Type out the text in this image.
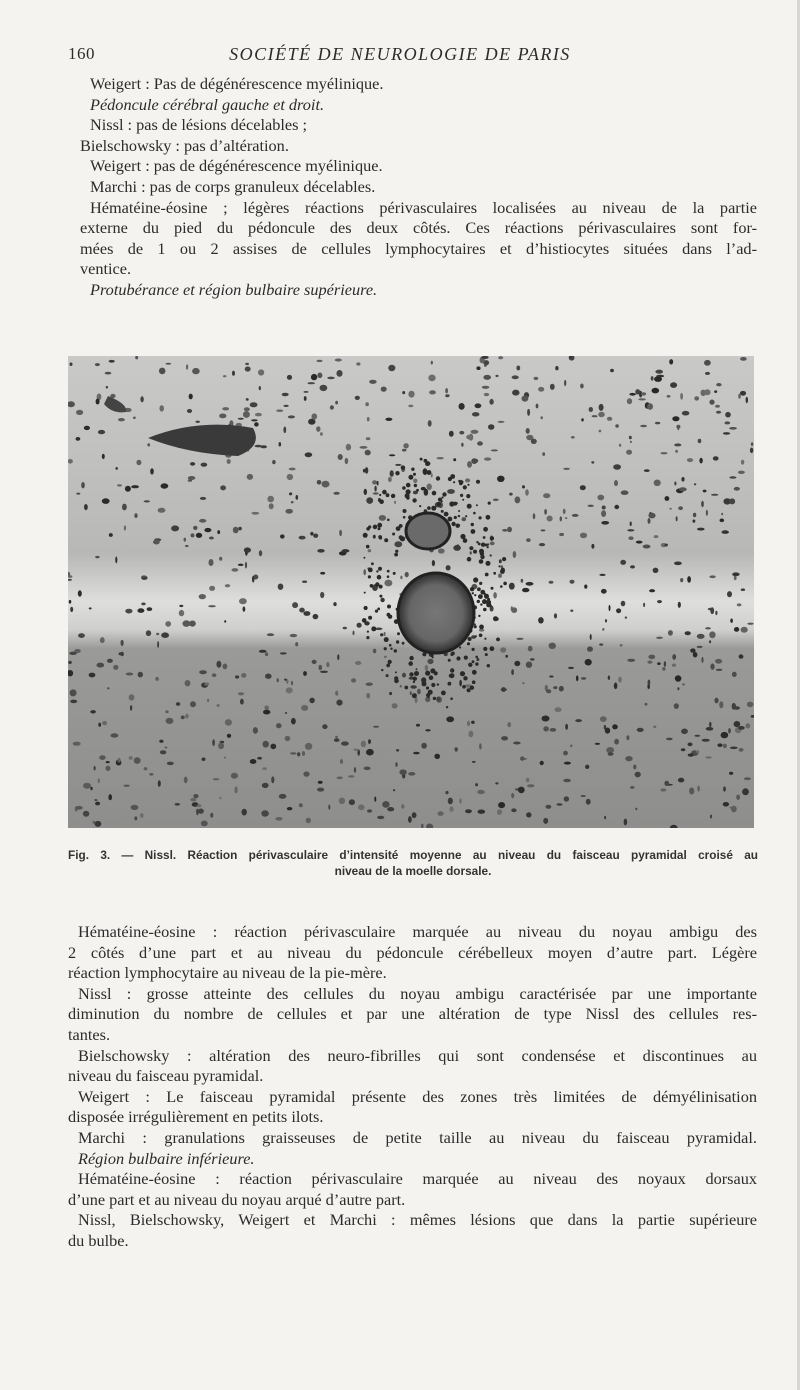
160	SOCIÉTÉ DE NEUROLOGIE DE PARIS
Weigert : Pas de dégénérescence myélinique.
Pédoncule cérébral gauche et droit.
Nissl : pas de lésions décelables ;
Bielschowsky : pas d’altération.
Weigert : pas de dégénérescence myélinique.
Marchi : pas de corps granuleux décelables.
Hématéine-éosine ; légères réactions périvasculaires localisées au niveau de la partie
externe du pied du pédoncule des deux côtés. Ces réactions périvasculaires sont for-
mées de 1 ou 2 assises de cellules lymphocytaires et d’histiocytes situées dans l’ad-
ventice.
Protubérance et région bulbaire supérieure.
Fig. 3. — Nissl. Réaction périvasculaire d’intensité moyenne au niveau du faisceau pyramidal croisé au
niveau de la moelle dorsale.
Hématéine-éosine : réaction périvasculaire marquée au niveau du noyau ambigu des
2 côtés d’une part et au niveau du pédoncule cérébelleux moyen d’autre part. Légère
réaction lymphocytaire au niveau de la pie-mère.
Nissl : grosse atteinte des cellules du noyau ambigu caractérisée par une importante
diminution du nombre de cellules et par une altération de type Nissl des cellules res-
tantes.
Bielschowsky : altération des neuro-fibrilles qui sont condensése et discontinues au
niveau du faisceau pyramidal.
Weigert : Le faisceau pyramidal présente des zones très limitées de démyélinisation
disposée irrégulièrement en petits ilots.
Marchi : granulations graisseuses de petite taille au niveau du faisceau pyramidal.
Région bulbaire inférieure.
Hématéine-éosine : réaction périvasculaire marquée au niveau des noyaux dorsaux
d’une part et au niveau du noyau arqué d’autre part.
Nissl, Bielschowsky, Weigert et Marchi : mêmes lésions que dans la partie supérieure
du bulbe.
